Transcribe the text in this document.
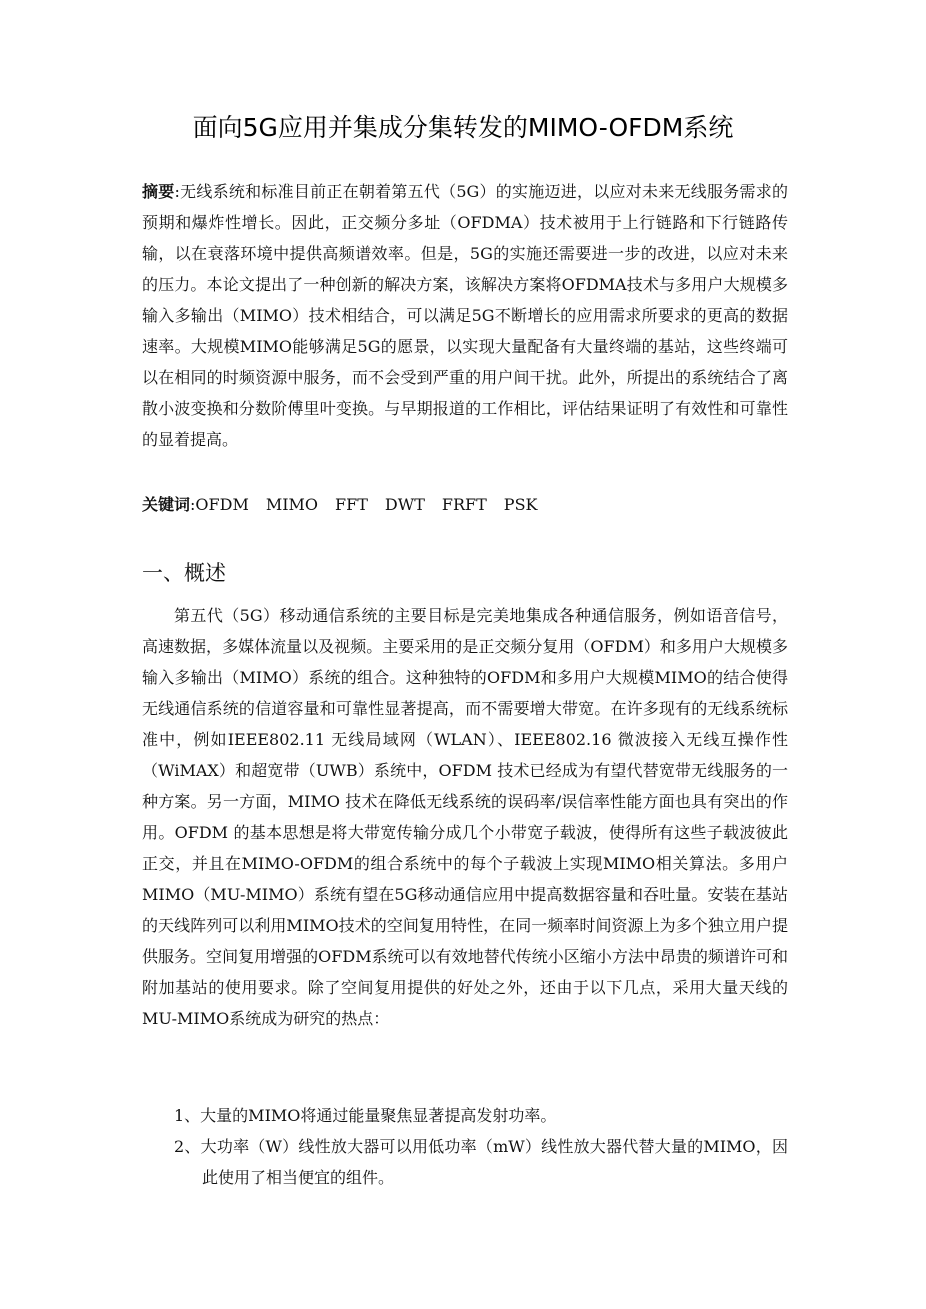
面向5G应用并集成分集转发的MIMO-OFDM系统

摘要:无线系统和标准目前正在朝着第五代（5G）的实施迈进，以应对未来无线服务需求的预期和爆炸性增长。因此，正交频分多址（OFDMA）技术被用于上行链路和下行链路传输，以在衰落环境中提供高频谱效率。但是，5G的实施还需要进一步的改进，以应对未来的压力。本论文提出了一种创新的解决方案，该解决方案将OFDMA技术与多用户大规模多输入多输出（MIMO）技术相结合，可以满足5G不断增长的应用需求所要求的更高的数据速率。大规模MIMO能够满足5G的愿景，以实现大量配备有大量终端的基站，这些终端可以在相同的时频资源中服务，而不会受到严重的用户间干扰。此外，所提出的系统结合了离散小波变换和分数阶傅里叶变换。与早期报道的工作相比，评估结果证明了有效性和可靠性的显着提高。

关键词:OFDM MIMO FFT DWT FRFT PSK

一、概述

第五代（5G）移动通信系统的主要目标是完美地集成各种通信服务，例如语音信号，高速数据，多媒体流量以及视频。主要采用的是正交频分复用（OFDM）和多用户大规模多输入多输出（MIMO）系统的组合。这种独特的OFDM和多用户大规模MIMO的结合使得无线通信系统的信道容量和可靠性显著提高，而不需要增大带宽。在许多现有的无线系统标准中，例如IEEE802.11 无线局域网（WLAN）、IEEE802.16 微波接入无线互操作性（WiMAX）和超宽带（UWB）系统中，OFDM 技术已经成为有望代替宽带无线服务的一种方案。另一方面，MIMO 技术在降低无线系统的误码率/误信率性能方面也具有突出的作用。OFDM 的基本思想是将大带宽传输分成几个小带宽子载波，使得所有这些子载波彼此正交，并且在MIMO-OFDM的组合系统中的每个子载波上实现MIMO相关算法。多用户MIMO（MU-MIMO）系统有望在5G移动通信应用中提高数据容量和吞吐量。安装在基站的天线阵列可以利用MIMO技术的空间复用特性，在同一频率时间资源上为多个独立用户提供服务。空间复用增强的OFDM系统可以有效地替代传统小区缩小方法中昂贵的频谱许可和附加基站的使用要求。除了空间复用提供的好处之外，还由于以下几点，采用大量天线的MU-MIMO系统成为研究的热点：

1、大量的MIMO将通过能量聚焦显著提高发射功率。
2、大功率（W）线性放大器可以用低功率（mW）线性放大器代替大量的MIMO，因此使用了相当便宜的组件。
